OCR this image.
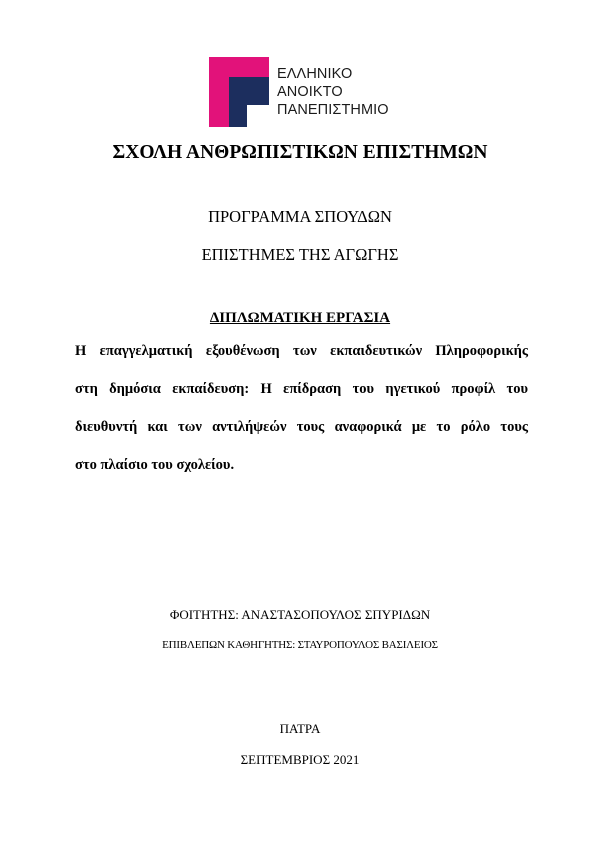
ΕΛΛΗΝΙΚΟ
ΑΝΟΙΚΤΟ
ΠΑΝΕΠΙΣΤΗΜΙΟ
ΣΧΟΛΗ ΑΝΘΡΩΠΙΣΤΙΚΩΝ ΕΠΙΣΤΗΜΩΝ
ΠΡΟΓΡΑΜΜΑ ΣΠΟΥΔΩΝ
ΕΠΙΣΤΗΜΕΣ ΤΗΣ ΑΓΩΓΗΣ
ΔΙΠΛΩΜΑΤΙΚΗ ΕΡΓΑΣΙΑ
Η επαγγελματική εξουθένωση των εκπαιδευτικών Πληροφορικής
στη δημόσια εκπαίδευση: Η επίδραση του ηγετικού προφίλ του
διευθυντή και των αντιλήψεών τους αναφορικά με το ρόλο τους
στο πλαίσιο του σχολείου.
ΦΟΙΤΗΤΗΣ: ΑΝΑΣΤΑΣΟΠΟΥΛΟΣ ΣΠΥΡΙΔΩΝ
ΕΠΙΒΛΕΠΩΝ ΚΑΘΗΓΗΤΗΣ: ΣΤΑΥΡΟΠΟΥΛΟΣ ΒΑΣΙΛΕΙΟΣ
ΠΑΤΡΑ
ΣΕΠΤΕΜΒΡΙΟΣ 2021
